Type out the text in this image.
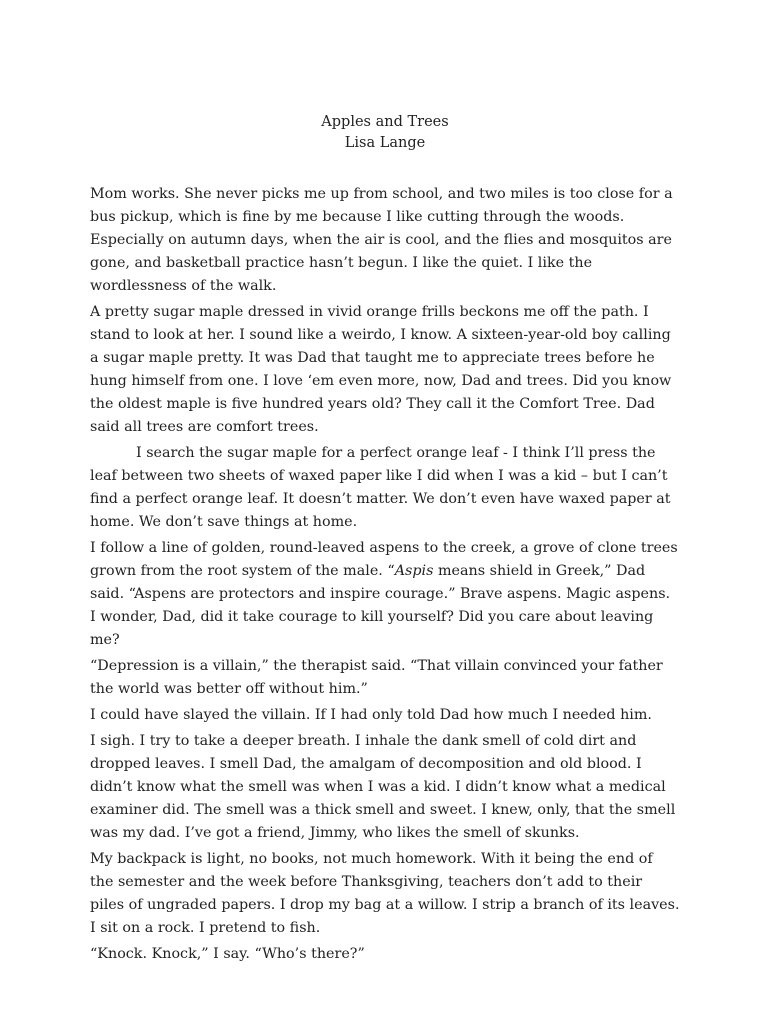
Apples and Trees
Lisa Lange

Mom works. She never picks me up from school, and two miles is too close for a bus pickup, which is fine by me because I like cutting through the woods. Especially on autumn days, when the air is cool, and the flies and mosquitos are gone, and basketball practice hasn’t begun. I like the quiet. I like the wordlessness of the walk.

A pretty sugar maple dressed in vivid orange frills beckons me off the path. I stand to look at her. I sound like a weirdo, I know. A sixteen-year-old boy calling a sugar maple pretty. It was Dad that taught me to appreciate trees before he hung himself from one. I love ‘em even more, now, Dad and trees. Did you know the oldest maple is five hundred years old? They call it the Comfort Tree. Dad said all trees are comfort trees.

I search the sugar maple for a perfect orange leaf - I think I’ll press the leaf between two sheets of waxed paper like I did when I was a kid – but I can’t find a perfect orange leaf. It doesn’t matter. We don’t even have waxed paper at home. We don’t save things at home.

I follow a line of golden, round-leaved aspens to the creek, a grove of clone trees grown from the root system of the male. “Aspis means shield in Greek,” Dad said. “Aspens are protectors and inspire courage.” Brave aspens. Magic aspens. I wonder, Dad, did it take courage to kill yourself? Did you care about leaving me?

“Depression is a villain,” the therapist said. “That villain convinced your father the world was better off without him.”

I could have slayed the villain. If I had only told Dad how much I needed him.

I sigh. I try to take a deeper breath. I inhale the dank smell of cold dirt and dropped leaves. I smell Dad, the amalgam of decomposition and old blood. I didn’t know what the smell was when I was a kid. I didn’t know what a medical examiner did. The smell was a thick smell and sweet. I knew, only, that the smell was my dad. I’ve got a friend, Jimmy, who likes the smell of skunks.

My backpack is light, no books, not much homework. With it being the end of the semester and the week before Thanksgiving, teachers don’t add to their piles of ungraded papers. I drop my bag at a willow. I strip a branch of its leaves. I sit on a rock. I pretend to fish.

“Knock. Knock,” I say. “Who’s there?”
